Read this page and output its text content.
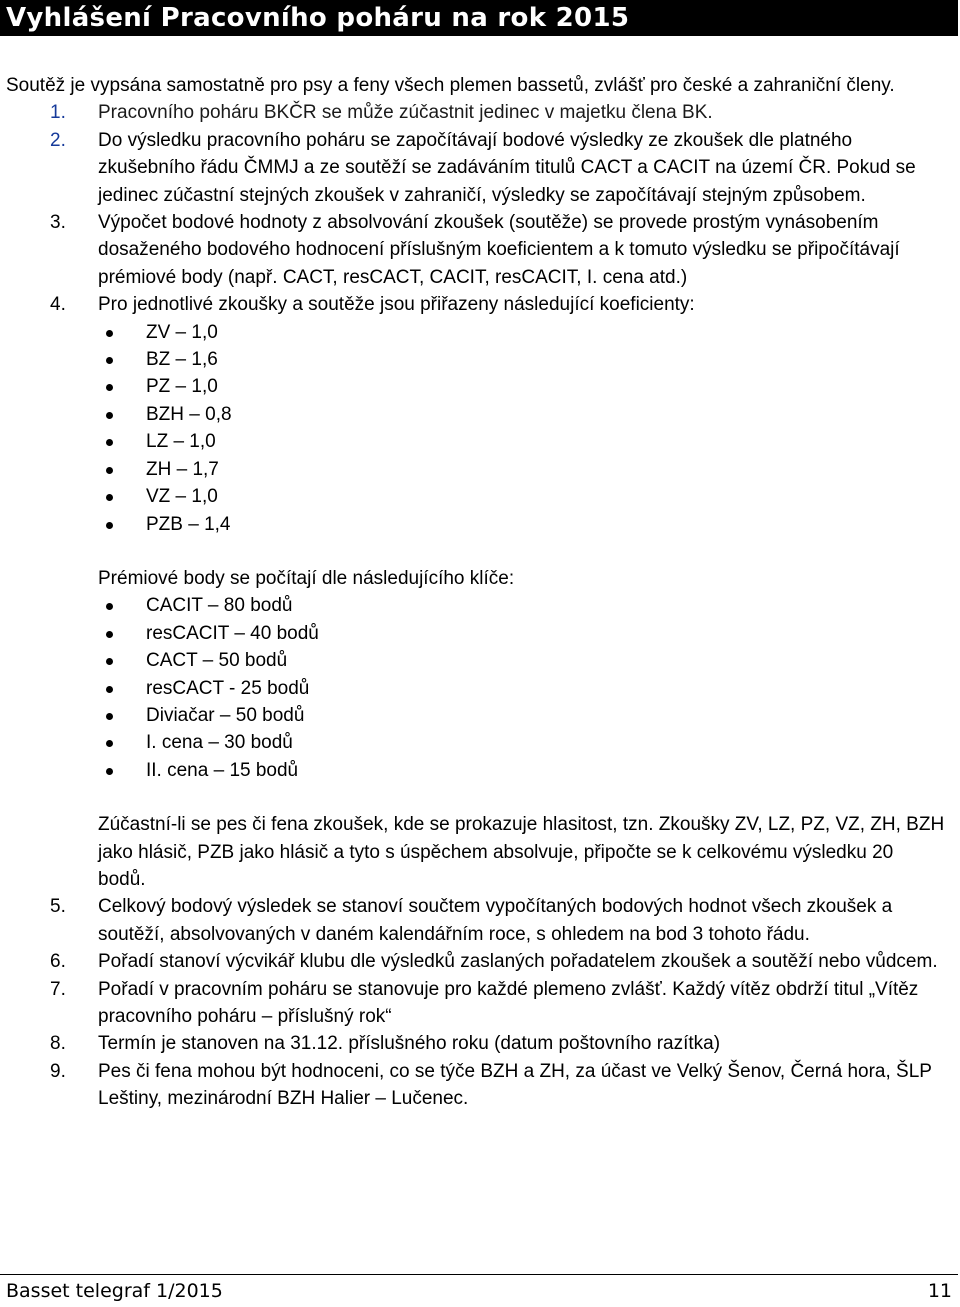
Vyhlášení Pracovního poháru na rok 2015

Soutěž je vypsána samostatně pro psy a feny všech plemen bassetů, zvlášť pro české a zahraniční členy.

1. Pracovního poháru BKČR se může zúčastnit jedinec v majetku člena BK.
2. Do výsledku pracovního poháru se započítávají bodové výsledky ze zkoušek dle platného zkušebního řádu ČMMJ a ze soutěží se zadáváním titulů CACT a CACIT na území ČR. Pokud se jedinec zúčastní stejných zkoušek v zahraničí, výsledky se započítávají stejným způsobem.
3. Výpočet bodové hodnoty z absolvování zkoušek (soutěže) se provede prostým vynásobením dosaženého bodového hodnocení příslušným koeficientem a k tomuto výsledku se připočítávají prémiové body (např. CACT, resCACT, CACIT, resCACIT, I. cena atd.)
4. Pro jednotlivé zkoušky a soutěže jsou přiřazeny následující koeficienty:
ZV – 1,0
BZ – 1,6
PZ – 1,0
BZH – 0,8
LZ – 1,0
ZH – 1,7
VZ – 1,0
PZB – 1,4
Prémiové body se počítají dle následujícího klíče:
CACIT – 80 bodů
resCACIT – 40 bodů
CACT – 50 bodů
resCACT - 25 bodů
Diviačar – 50 bodů
I. cena – 30 bodů
II. cena – 15 bodů
Zúčastní-li se pes či fena zkoušek, kde se prokazuje hlasitost, tzn. Zkoušky ZV, LZ, PZ, VZ, ZH, BZH jako hlásič, PZB jako hlásič a tyto s úspěchem absolvuje, připočte se k celkovému výsledku 20 bodů.
5. Celkový bodový výsledek se stanoví součtem vypočítaných bodových hodnot všech zkoušek a soutěží, absolvovaných v daném kalendářním roce, s ohledem na bod 3 tohoto řádu.
6. Pořadí stanoví výcvikář klubu dle výsledků zaslaných pořadatelem zkoušek a soutěží nebo vůdcem.
7. Pořadí v pracovním poháru se stanovuje pro každé plemeno zvlášť. Každý vítěz obdrží titul „Vítěz pracovního poháru – příslušný rok“
8. Termín je stanoven na 31.12. příslušného roku (datum poštovního razítka)
9. Pes či fena mohou být hodnoceni, co se týče BZH a ZH, za účast ve Velký Šenov, Černá hora, ŠLP Leštiny, mezinárodní BZH Halier – Lučenec.
Basset telegraf 1/2015	11
